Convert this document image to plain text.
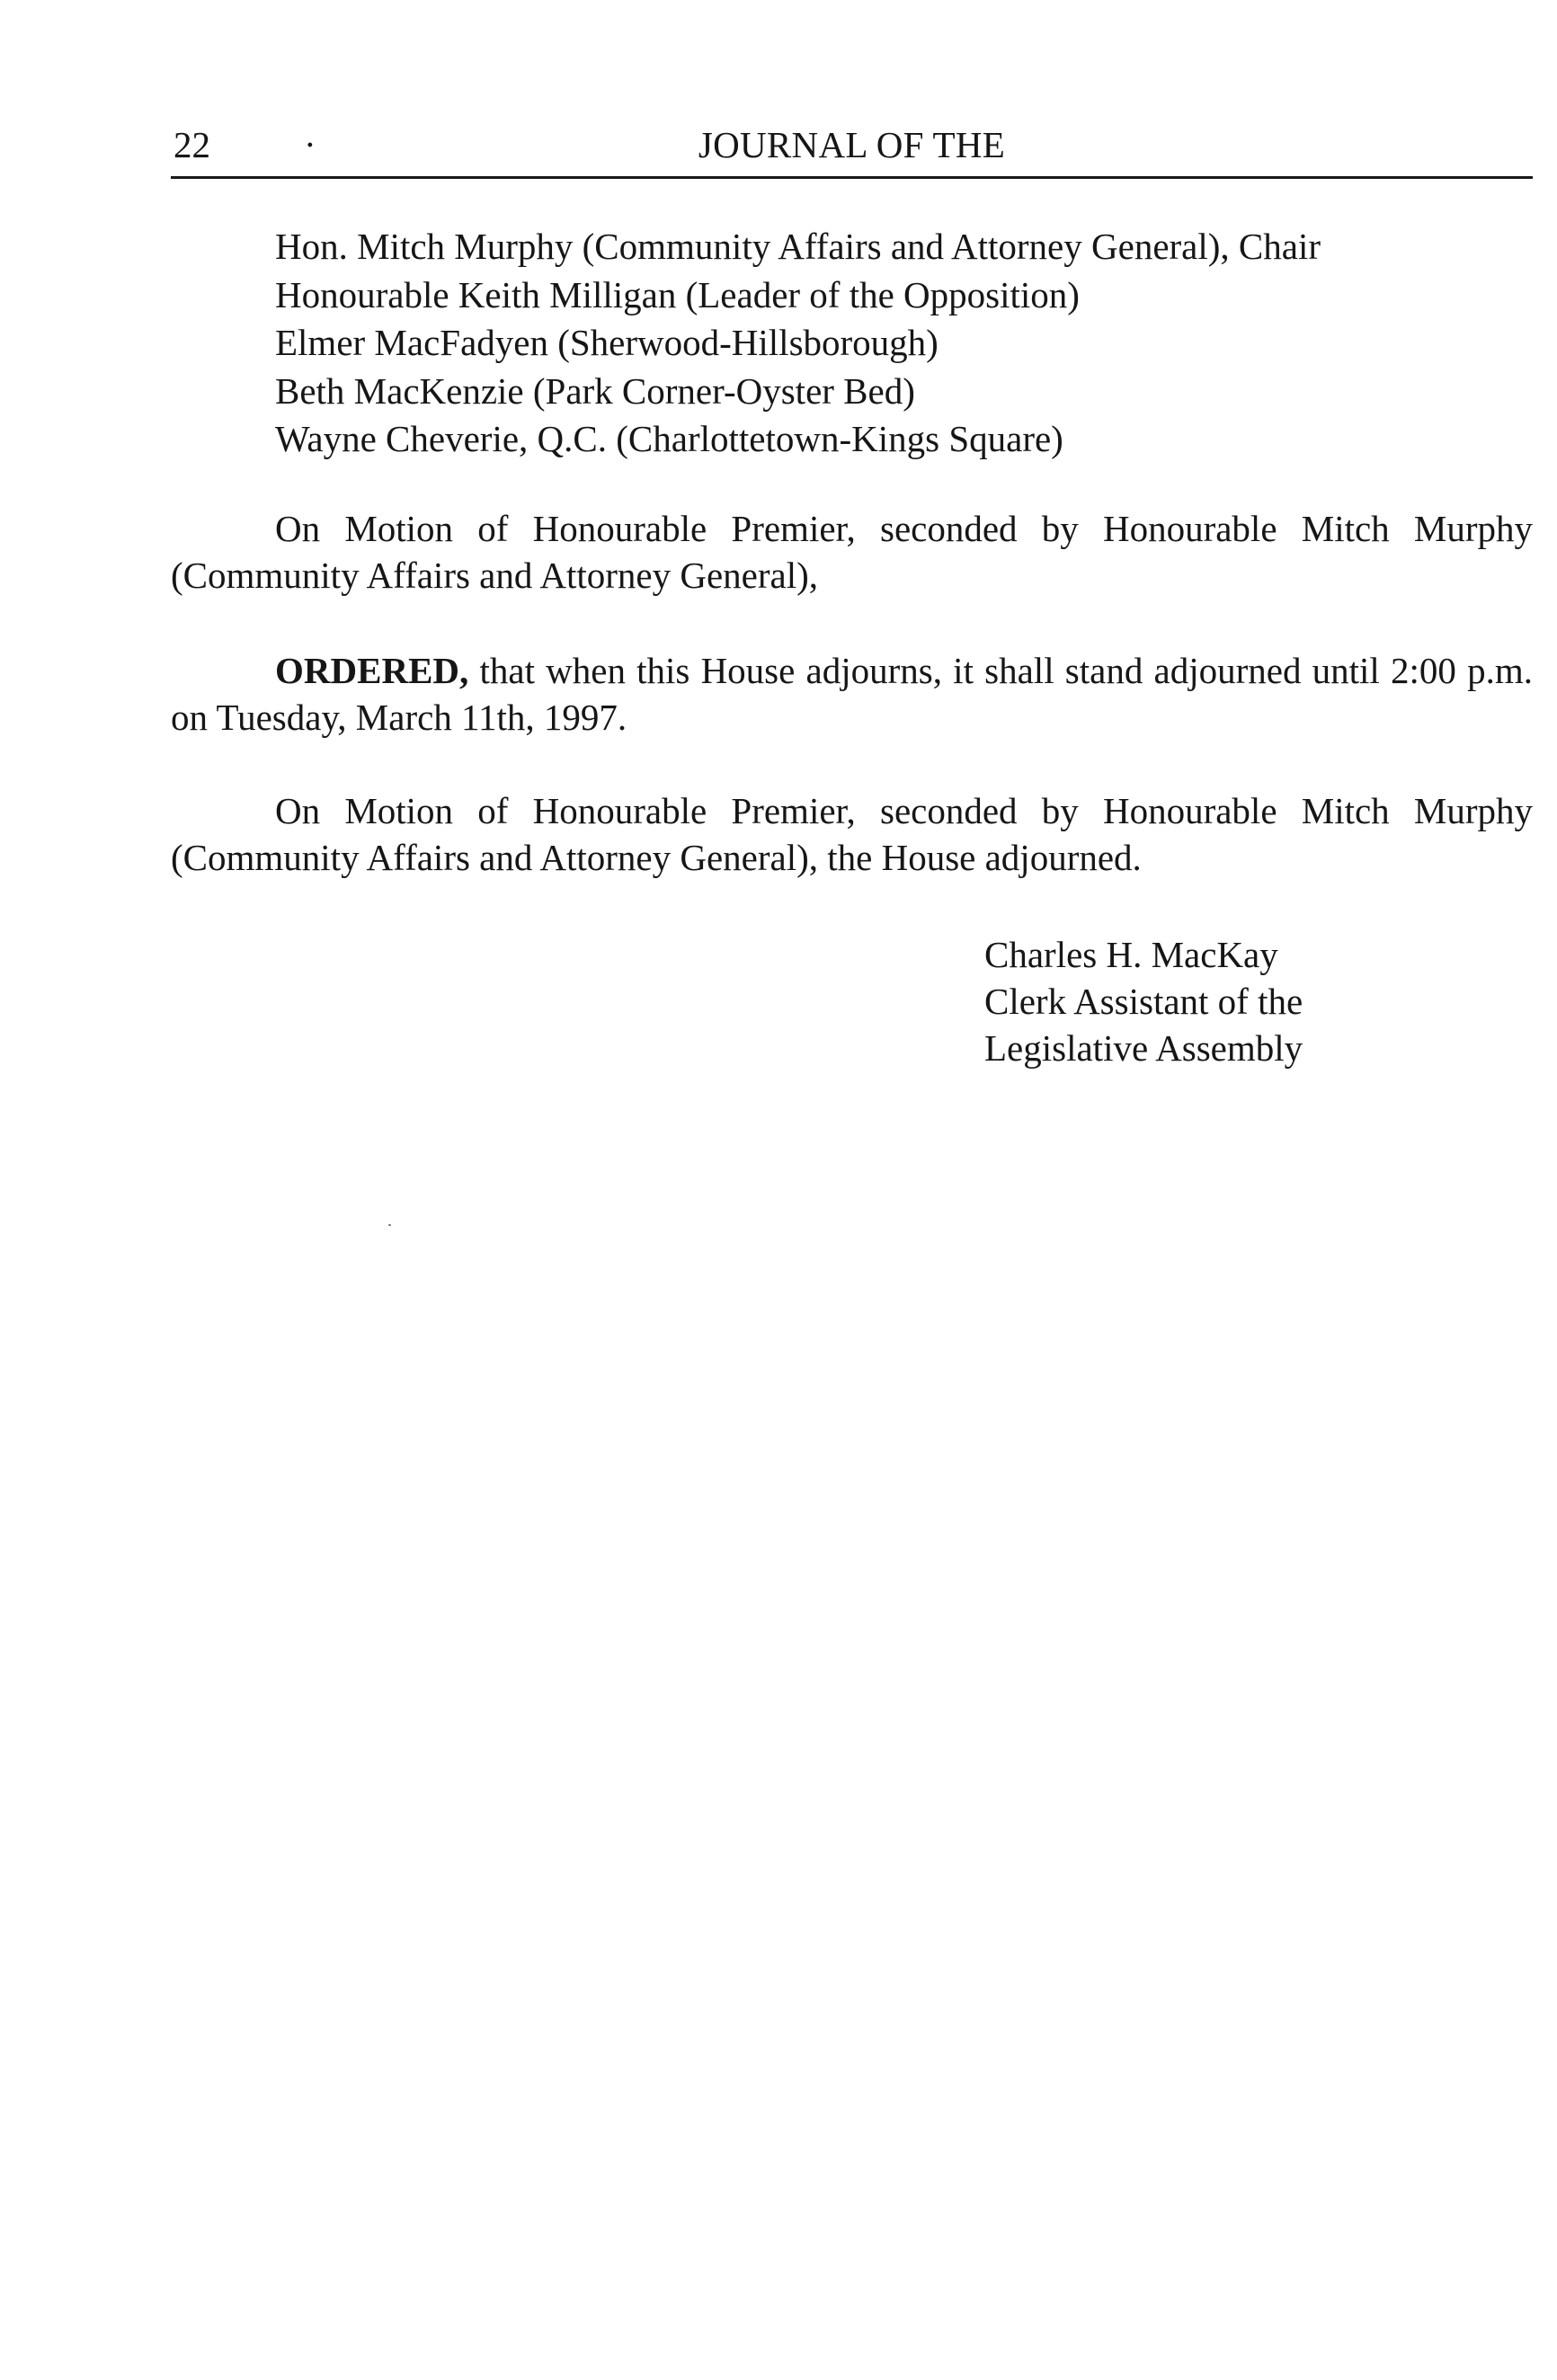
22	·	JOURNAL OF THE
Hon. Mitch Murphy (Community Affairs and Attorney General), Chair
Honourable Keith Milligan (Leader of the Opposition)
Elmer MacFadyen (Sherwood-Hillsborough)
Beth MacKenzie (Park Corner-Oyster Bed)
Wayne Cheverie, Q.C. (Charlottetown-Kings Square)

On Motion of Honourable Premier, seconded by Honourable Mitch Murphy (Community Affairs and Attorney General),

ORDERED, that when this House adjourns, it shall stand adjourned until 2:00 p.m. on Tuesday, March 11th, 1997.

On Motion of Honourable Premier, seconded by Honourable Mitch Murphy (Community Affairs and Attorney General), the House adjourned.

Charles H. MacKay
Clerk Assistant of the
Legislative Assembly
